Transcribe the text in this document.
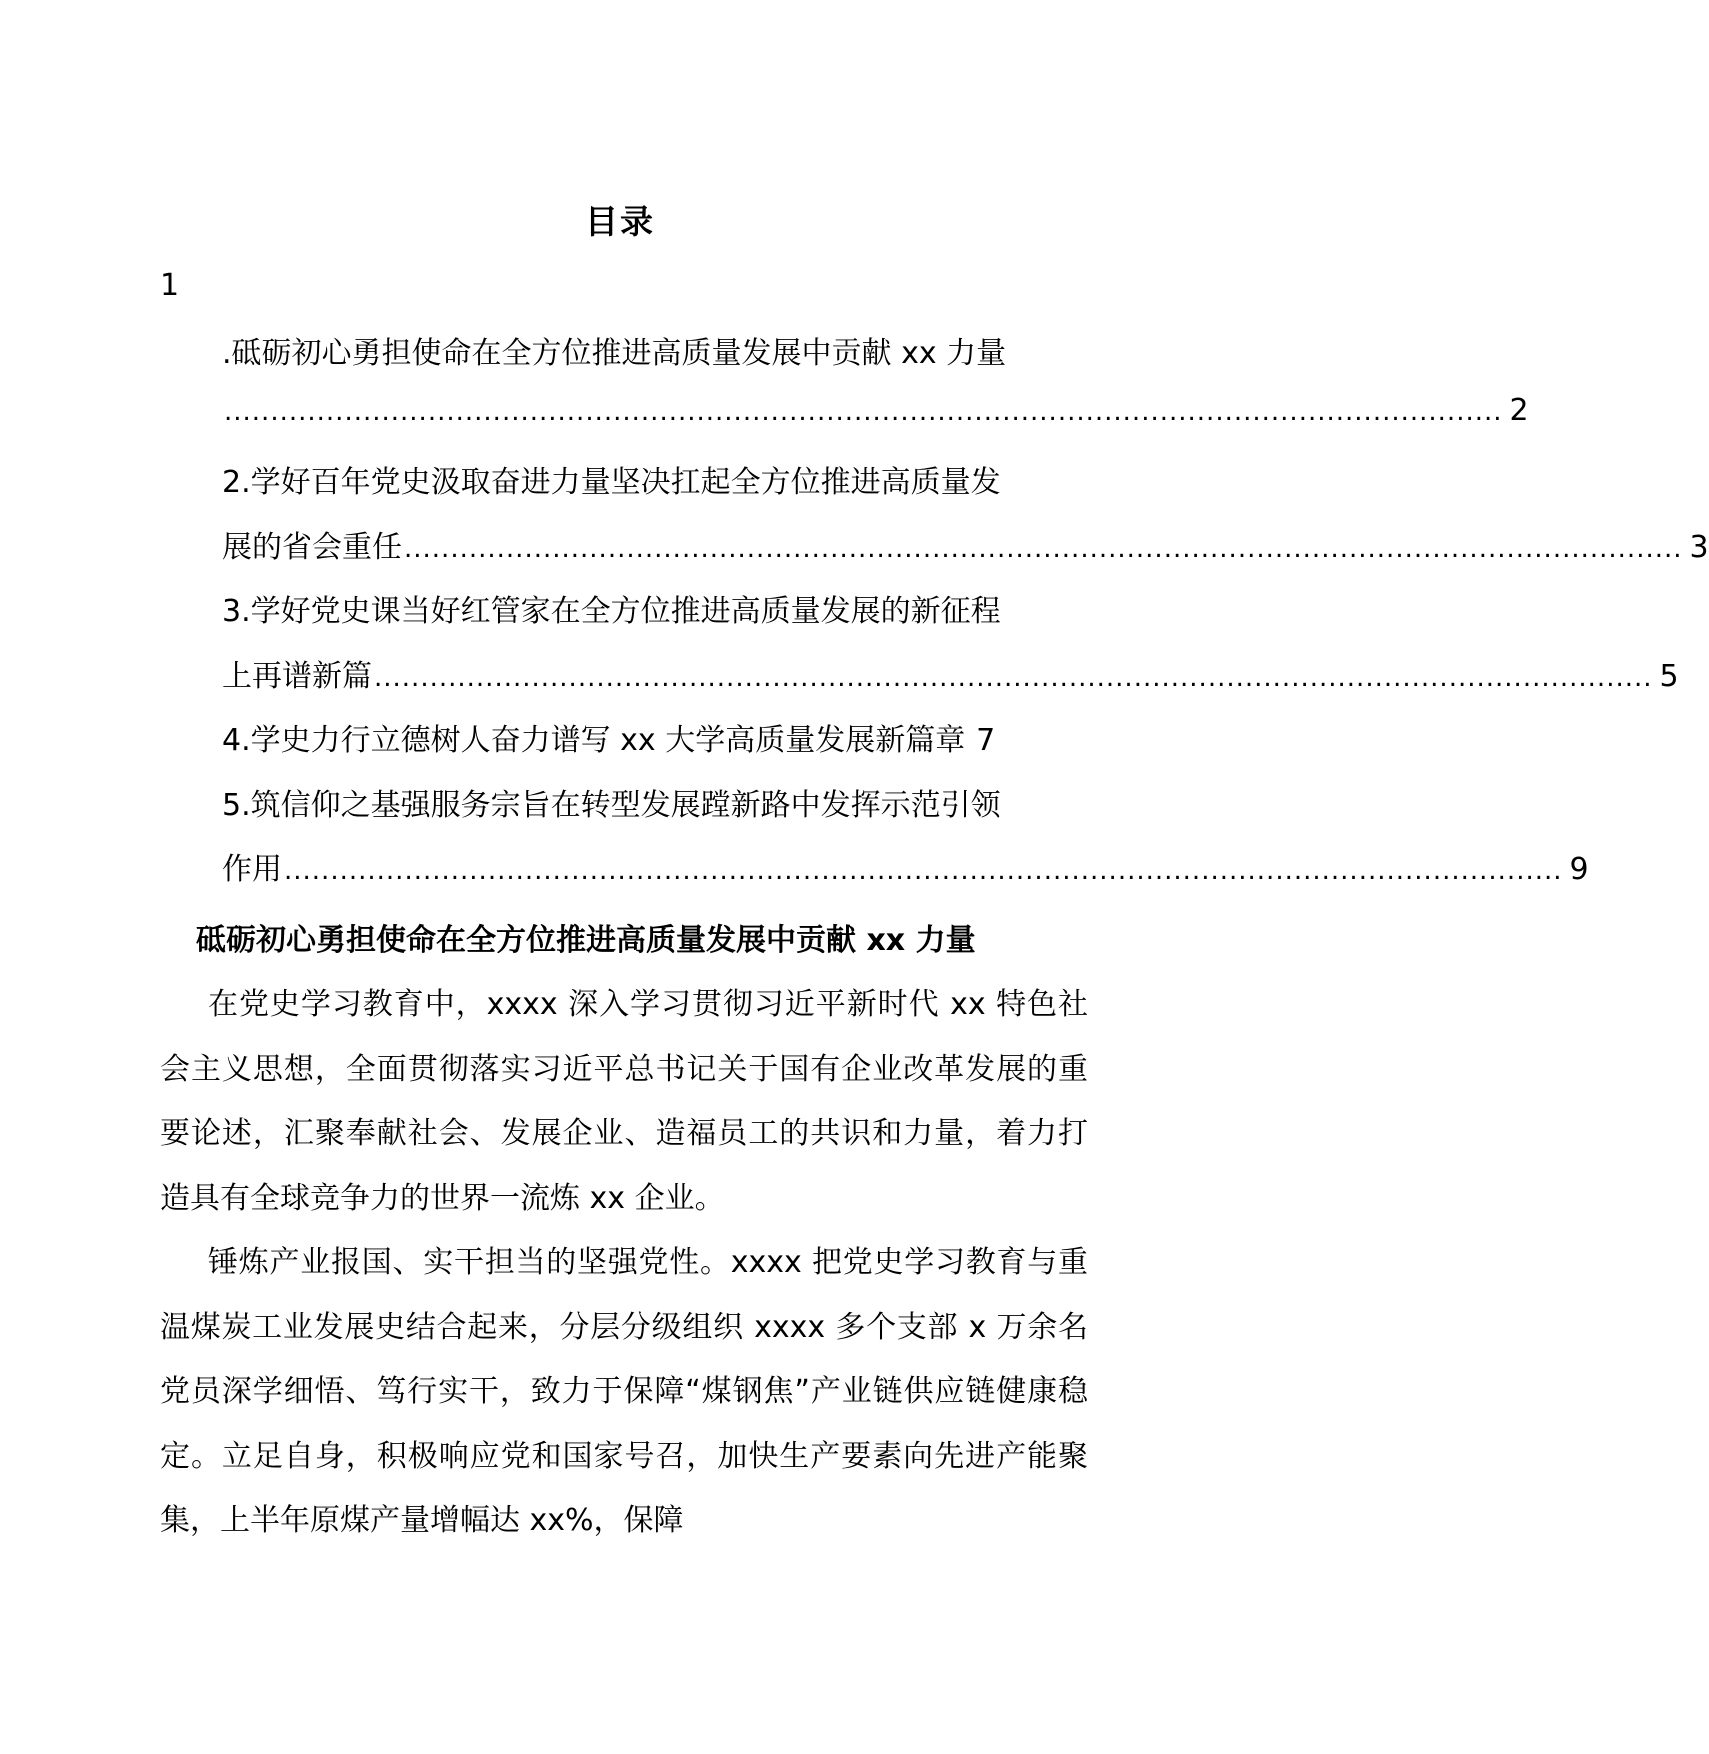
目录
1
.砥砺初心勇担使命在全方位推进高质量发展中贡献 xx 力量
.......................................................................................................................................... 2
2.学好百年党史汲取奋进力量坚决扛起全方位推进高质量发
展的省会重任 .......................................................................................................................................... 3
3.学好党史课当好红管家在全方位推进高质量发展的新征程
上再谱新篇 .......................................................................................................................................... 5
4.学史力行立德树人奋力谱写 xx 大学高质量发展新篇章 7
5.筑信仰之基强服务宗旨在转型发展蹚新路中发挥示范引领
作用 .......................................................................................................................................... 9
砥砺初心勇担使命在全方位推进高质量发展中贡献 xx 力量

在党史学习教育中，xxxx 深入学习贯彻习近平新时代 xx 特色社会主义思想，全面贯彻落实习近平总书记关于国有企业改革发展的重要论述，汇聚奉献社会、发展企业、造福员工的共识和力量，着力打造具有全球竞争力的世界一流炼 xx 企业。

锤炼产业报国、实干担当的坚强党性。xxxx 把党史学习教育与重温煤炭工业发展史结合起来，分层分级组织 xxxx 多个支部 x 万余名党员深学细悟、笃行实干，致力于保障“煤钢焦”产业链供应链健康稳定。立足自身，积极响应党和国家号召，加快生产要素向先进产能聚集，上半年原煤产量增幅达 xx%，保障
